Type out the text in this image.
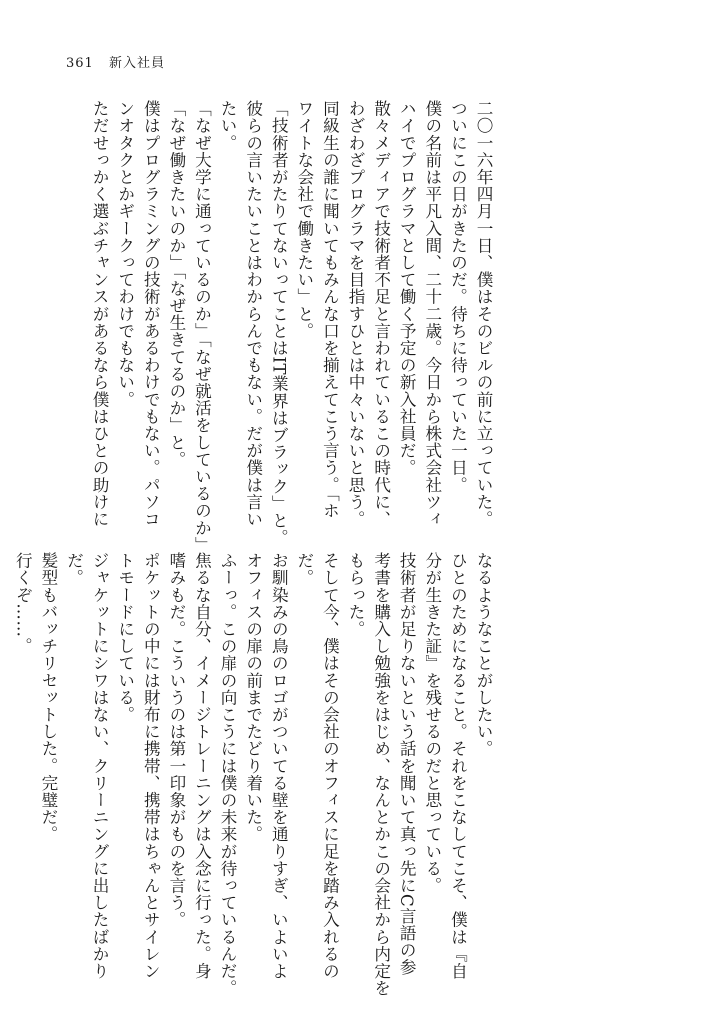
361 新入社員
二〇一六年四月一日、僕はそのビルの前に立っていた。
ついにこの日がきたのだ。待ちに待っていた一日。
僕の名前は平凡入間、二十二歳。今日から株式会社ツィ
ハイでプログラマとして働く予定の新入社員だ。
散々メディアで技術者不足と言われているこの時代に、
わざわざプログラマを目指すひとは中々いないと思う。
同級生の誰に聞いてもみんな口を揃えてこう言う。「ホ
ワイトな会社で働きたい」と。
「技術者がたりてないってことはIT業界はブラック」と。
彼らの言いたいことはわからんでもない。だが僕は言い
たい。
「なぜ大学に通っているのか」「なぜ就活をしているのか」
「なぜ働きたいのか」「なぜ生きてるのか」と。
僕はプログラミングの技術があるわけでもない。パソコ
ンオタクとかギークってわけでもない。
ただせっかく選ぶチャンスがあるなら僕はひとの助けに
なるようなことがしたい。
ひとのためになること。それをこなしてこそ、僕は『自
分が生きた証』を残せるのだと思っている。
技術者が足りないという話を聞いて真っ先にC言語の参
考書を購入し勉強をはじめ、なんとかこの会社から内定を
もらった。
そして今、僕はその会社のオフィスに足を踏み入れるの
だ。
お馴染みの鳥のロゴがついてる壁を通りすぎ、いよいよ
オフィスの扉の前までたどり着いた。
ふーっ。この扉の向こうには僕の未来が待っているんだ。
焦るな自分、イメージトレーニングは入念に行った。身
嗜みもだ。こういうのは第一印象がものを言う。
ポケットの中には財布に携帯、携帯はちゃんとサイレン
トモードにしている。
ジャケットにシワはない、クリーニングに出したばかり
だ。
髪型もバッチリセットした。完璧だ。
行くぞ……。
